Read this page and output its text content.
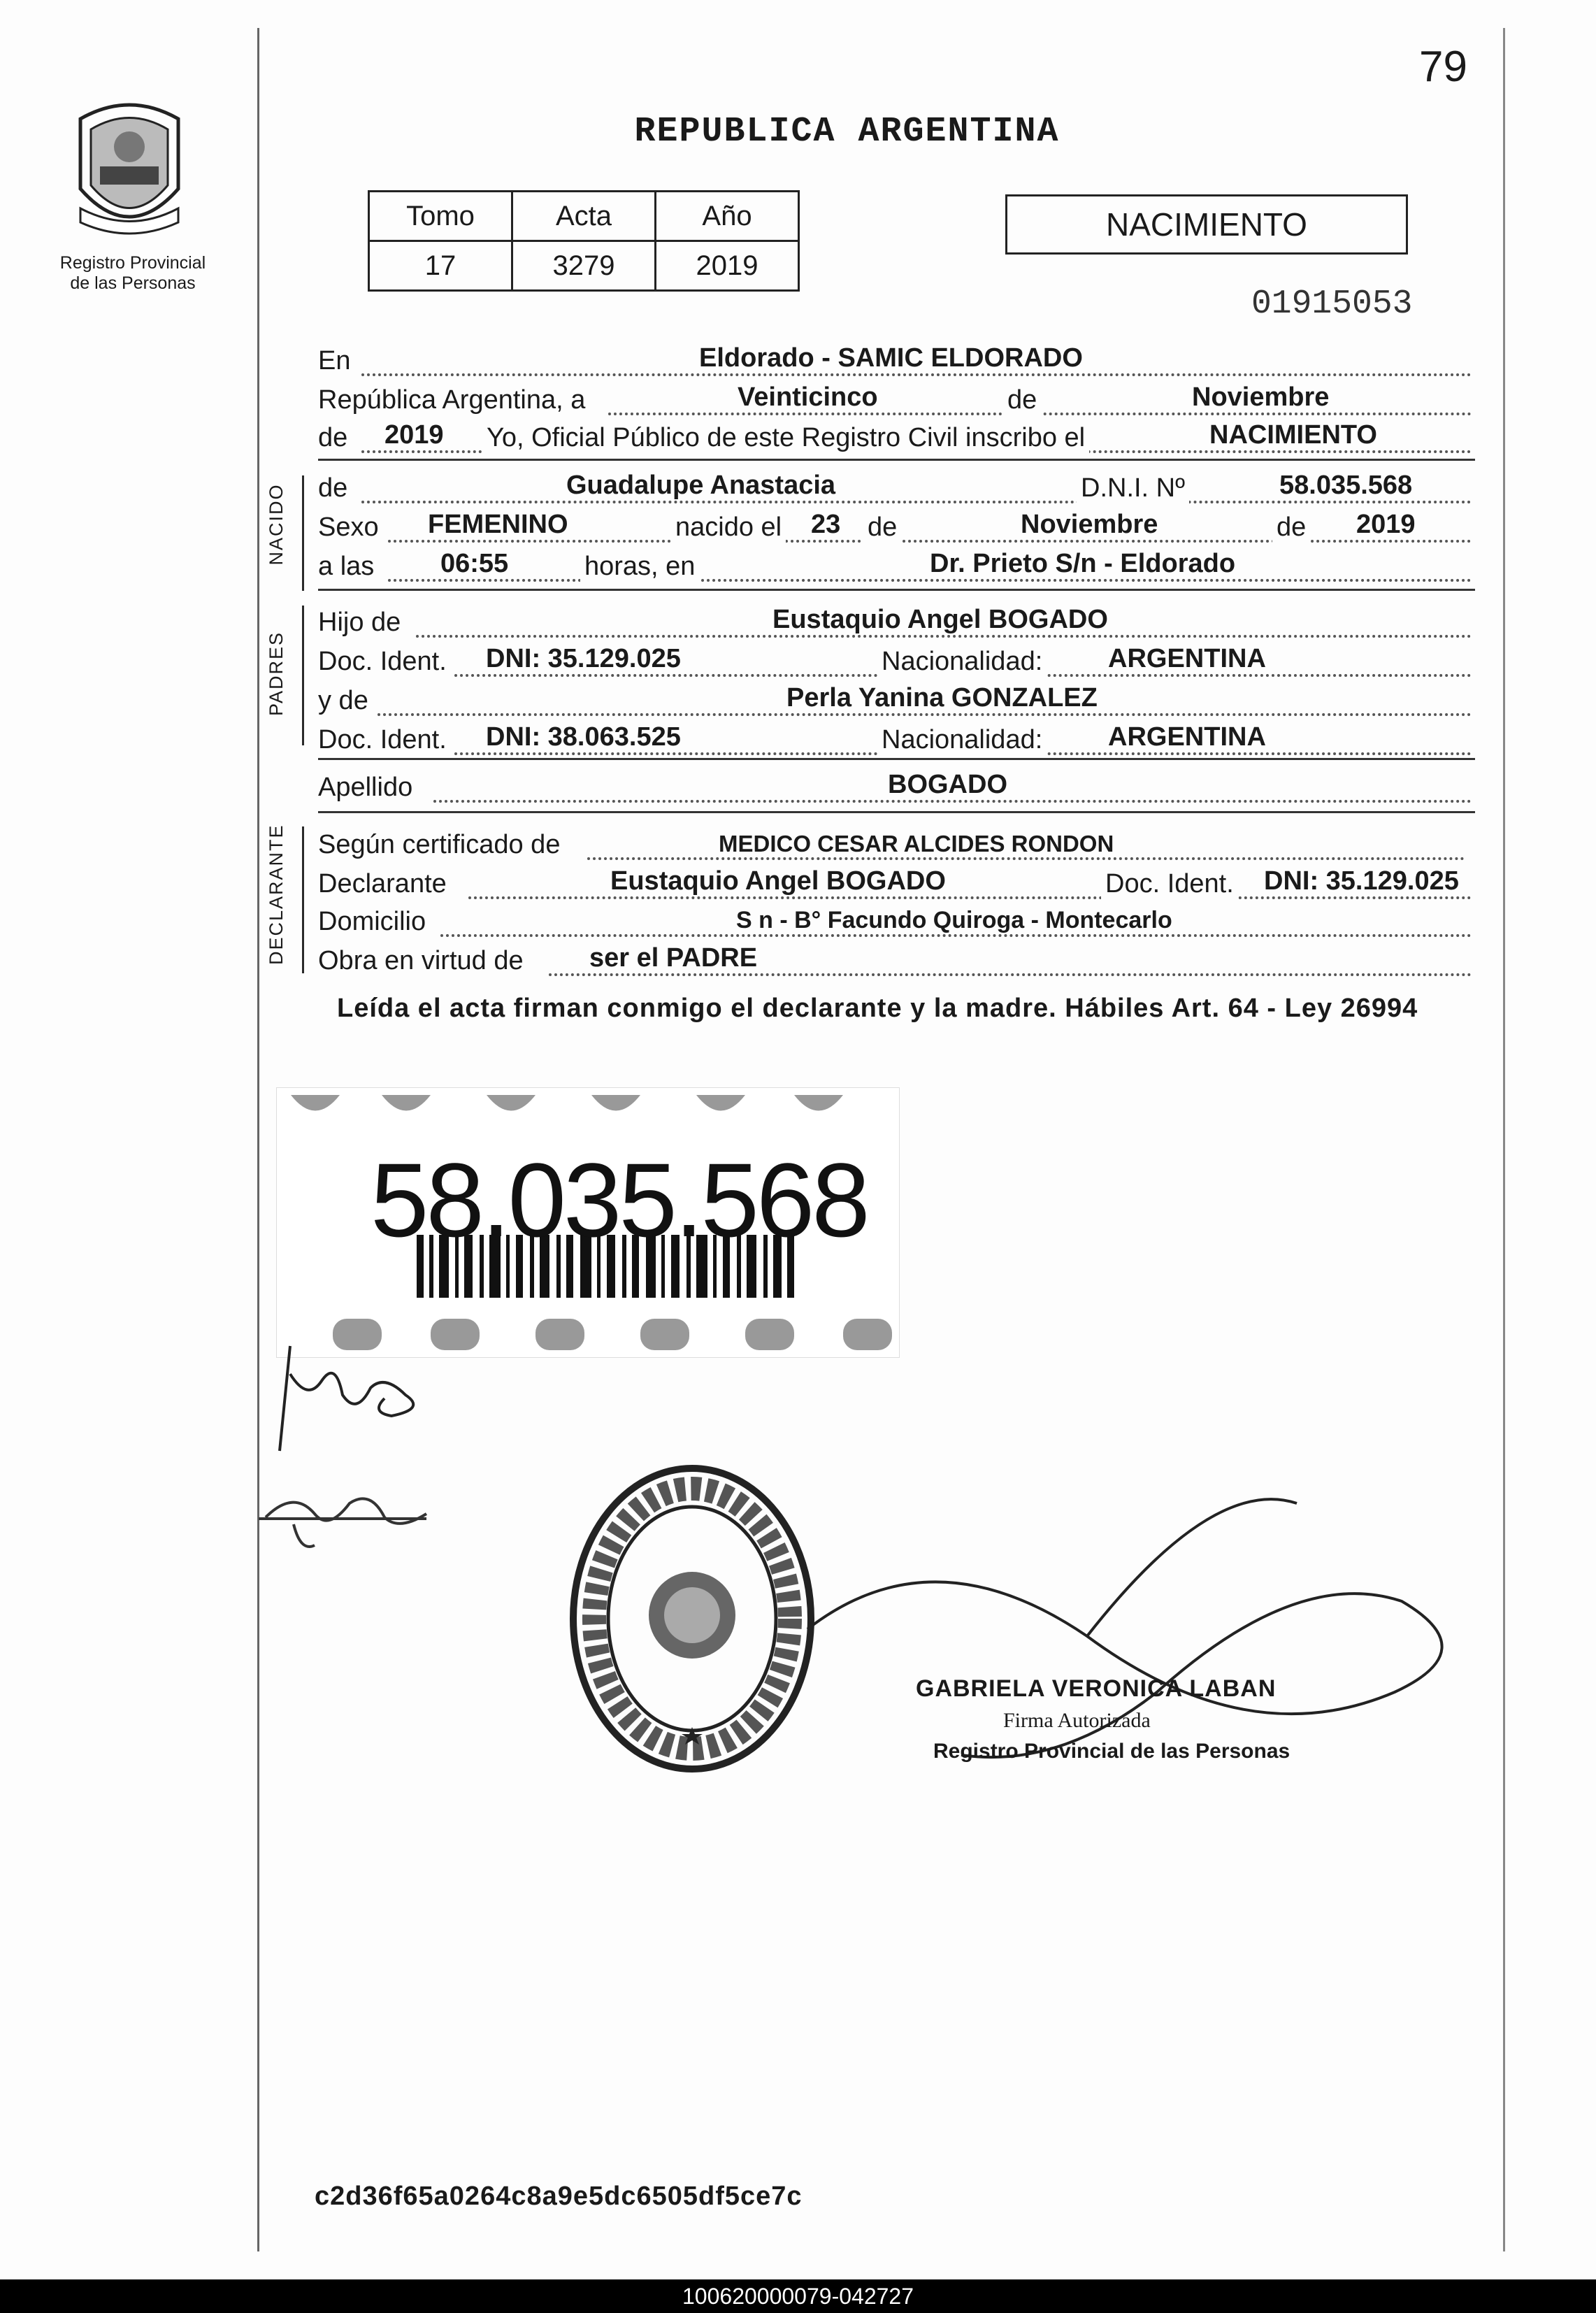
79
REPUBLICA ARGENTINA
Registro Provincial
de las Personas
Tomo	Acta	Año
17	3279	2019
NACIMIENTO
01915053
En	Eldorado - SAMIC ELDORADO
República Argentina, a	Veinticinco	de	Noviembre
de 2019 Yo, Oficial Público de este Registro Civil inscribo el	NACIMIENTO
NACIDO de	Guadalupe Anastacia	D.N.I. Nº	58.035.568
Sexo FEMENINO	nacido el 23 de	Noviembre	de 2019
a las 06:55	horas, en	Dr. Prieto S/n - Eldorado
PADRES
Hijo de	Eustaquio Angel BOGADO
Doc. Ident. DNI: 35.129.025	Nacionalidad: ARGENTINA
y de	Perla Yanina GONZALEZ
Doc. Ident. DNI: 38.063.525	Nacionalidad: ARGENTINA
Apellido	BOGADO
DECLARANTE Según certificado de	MEDICO CESAR ALCIDES RONDON
Declarante	Eustaquio Angel BOGADO	Doc. Ident. DNI: 35.129.025
Domicilio	S n - B° Facundo Quiroga - Montecarlo
Obra en virtud de ser el PADRE
Leída el acta firman conmigo el declarante y la madre. Hábiles Art. 64 - Ley 26994
58.035.568
GABRIELA VERONICA LABAN
Firma Autorizada
Registro Provincial de las Personas
c2d36f65a0264c8a9e5dc6505df5ce7c
100620000079-042727
